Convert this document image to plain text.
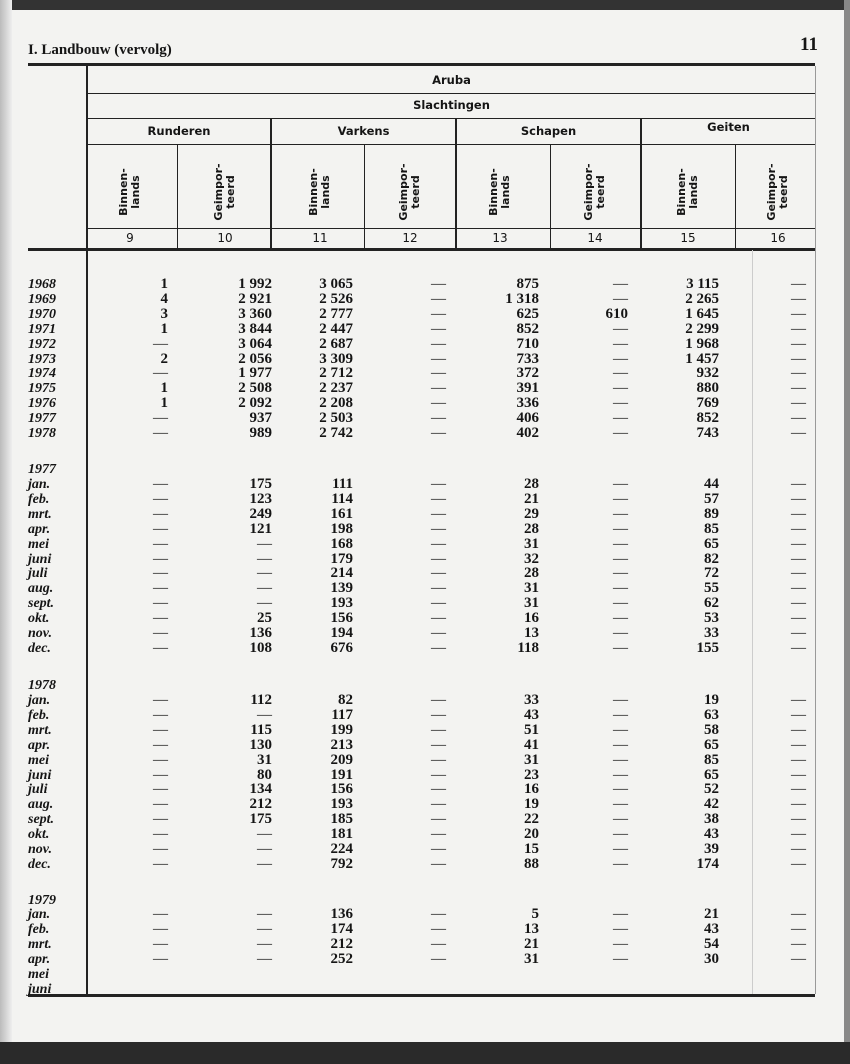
I. Landbouw (vervolg)	11
Aruba
Slachtingen
Runderen	Varkens	Schapen	Geiten
Binnen-
lands	Geimpor-
teerd	Binnen-
lands	Geimpor-
teerd	Binnen-
lands	Geimpor-
teerd	Binnen-
lands	Geimpor-
teerd
9	10	11	12	13	14	15	16
1968	1	1 992	3 065	—	875	—	3 115	—
1969	4	2 921	2 526	—	1 318	—	2 265	—
1970	3	3 360	2 777	—	625	610	1 645	—
1971	1	3 844	2 447	—	852	—	2 299	—
1972	—	3 064	2 687	—	710	—	1 968	—
1973	2	2 056	3 309	—	733	—	1 457	—
1974	—	1 977	2 712	—	372	—	932	—
1975	1	2 508	2 237	—	391	—	880	—
1976	1	2 092	2 208	—	336	—	769	—
1977	—	937	2 503	—	406	—	852	—
1978	—	989	2 742	—	402	—	743	—
1977
jan.	—	175	111	—	28	—	44	—
feb.	—	123	114	—	21	—	57	—
mrt.	—	249	161	—	29	—	89	—
apr.	—	121	198	—	28	—	85	—
mei	—	—	168	—	31	—	65	—
juni	—	—	179	—	32	—	82	—
juli	—	—	214	—	28	—	72	—
aug.	—	—	139	—	31	—	55	—
sept.	—	—	193	—	31	—	62	—
okt.	—	25	156	—	16	—	53	—
nov.	—	136	194	—	13	—	33	—
dec.	—	108	676	—	118	—	155	—
1978
jan.	—	112	82	—	33	—	19	—
feb.	—	—	117	—	43	—	63	—
mrt.	—	115	199	—	51	—	58	—
apr.	—	130	213	—	41	—	65	—
mei	—	31	209	—	31	—	85	—
juni	—	80	191	—	23	—	65	—
juli	—	134	156	—	16	—	52	—
aug.	—	212	193	—	19	—	42	—
sept.	—	175	185	—	22	—	38	—
okt.	—	—	181	—	20	—	43	—
nov.	—	—	224	—	15	—	39	—
dec.	—	—	792	—	88	—	174	—
1979
jan.	—	—	136	—	5	—	21	—
feb.	—	—	174	—	13	—	43	—
mrt.	—	—	212	—	21	—	54	—
apr.	—	—	252	—	31	—	30	—
mei
juni
